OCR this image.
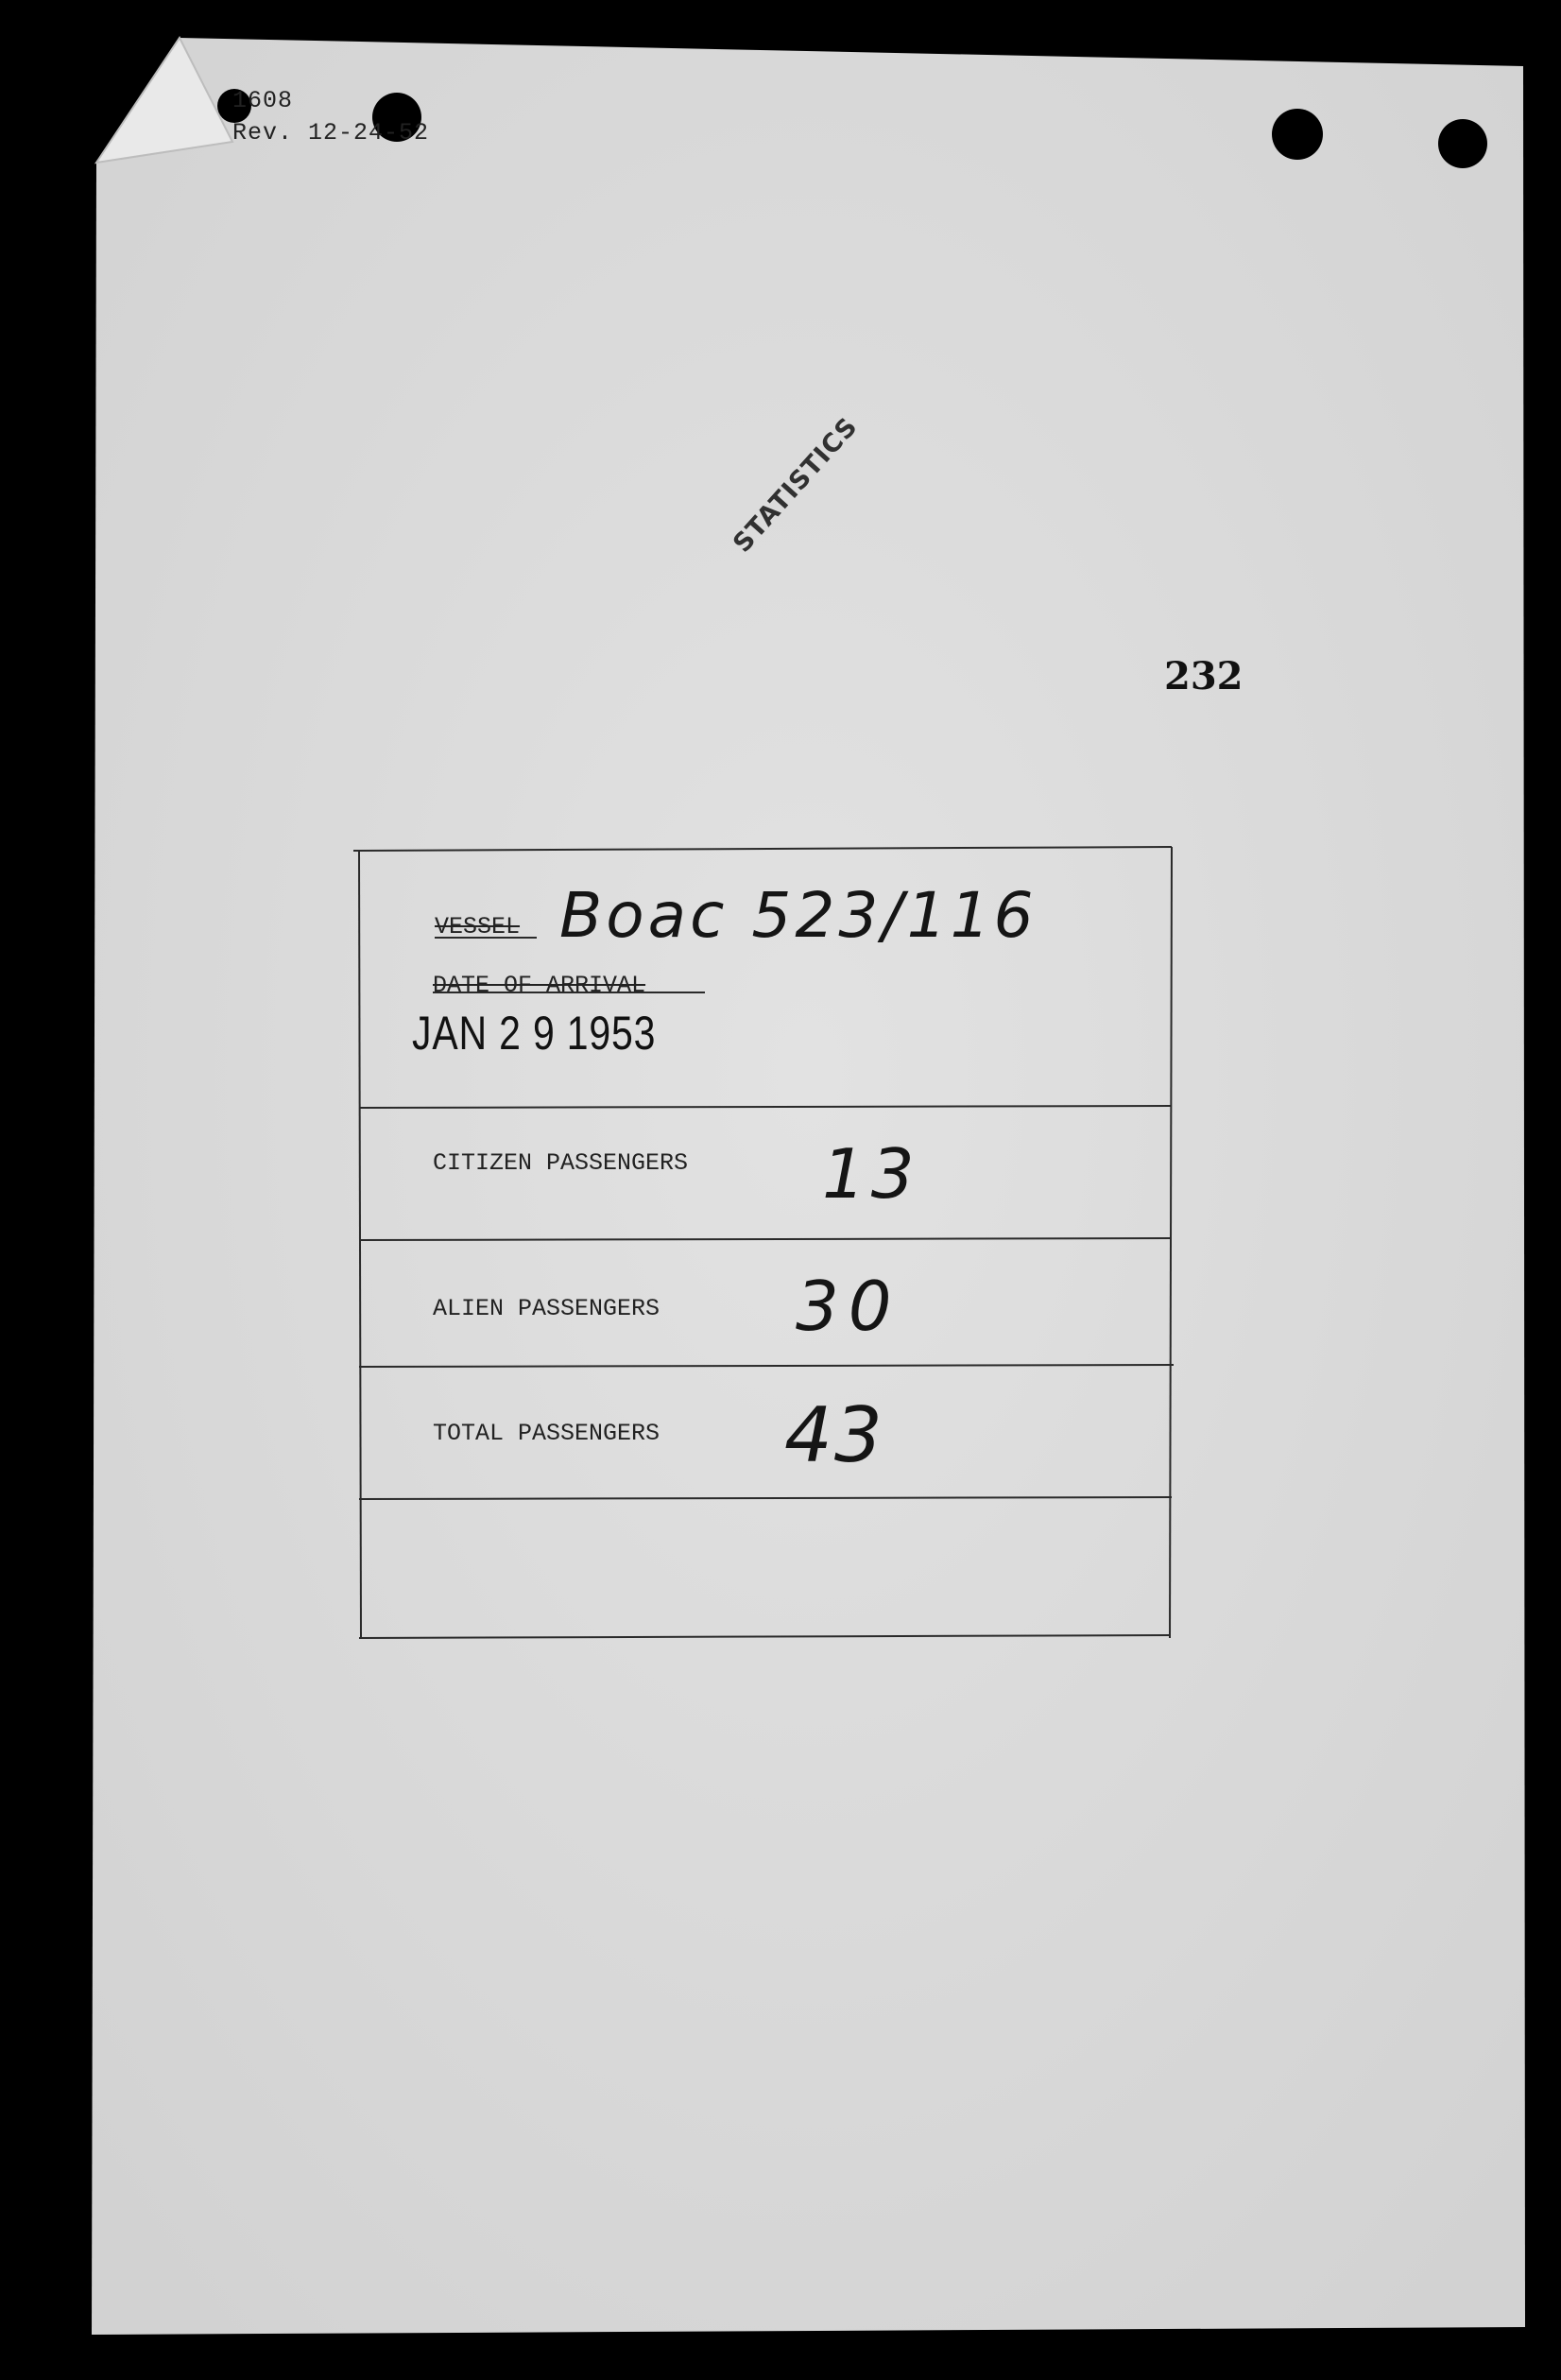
1608
Rev. 12-24-52
STATISTICS
232
VESSEL Boac 523/116
DATE OF ARRIVAL
JAN 2 9 1953
CITIZEN PASSENGERS 13
ALIEN PASSENGERS 30
TOTAL PASSENGERS 43
